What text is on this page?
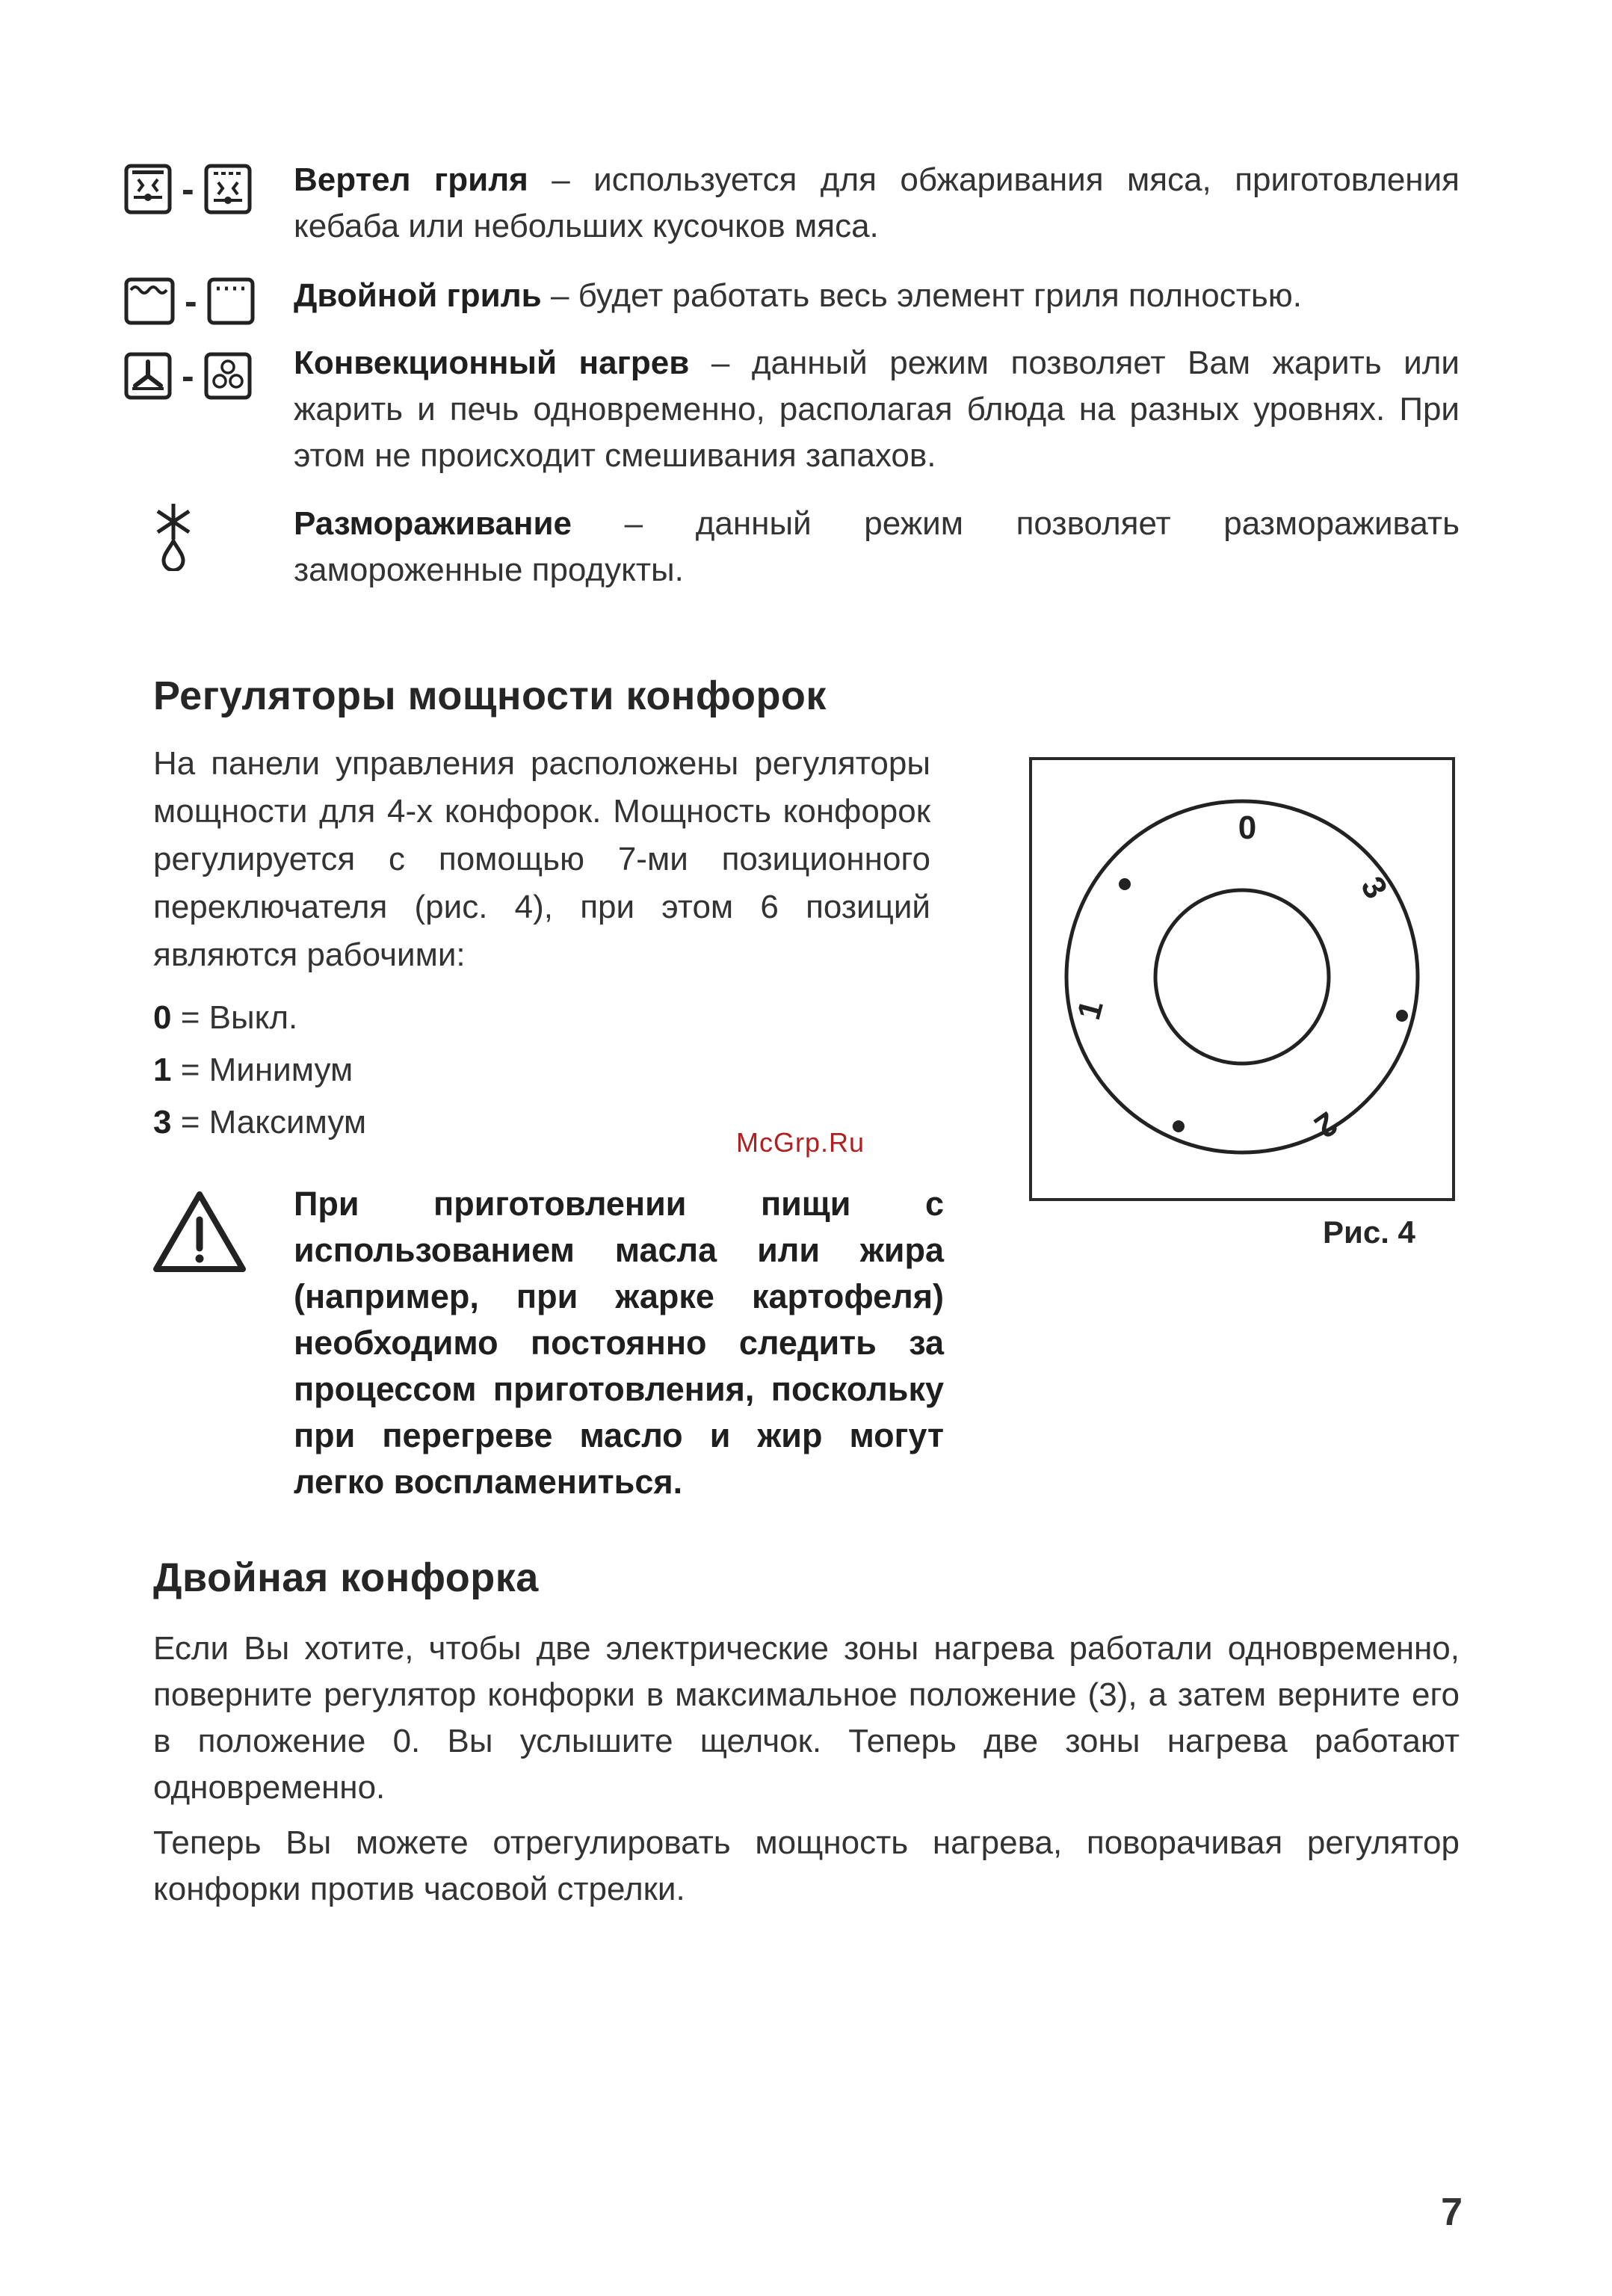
-	Вертел гриля – используется для обжаривания мяса, приготовления кебаба или небольших кусочков мяса.
-	Двойной гриль – будет работать весь элемент гриля полностью.
-	Конвекционный нагрев – данный режим позволяет Вам жарить или жарить и печь одновременно, располагая блюда на разных уровнях. При этом не происходит смешивания запахов.
Размораживание – данный режим позволяет размораживать замороженные продукты.
Регуляторы мощности конфорок
На панели управления расположены регуляторы мощности для 4-х конфорок. Мощность конфорок регулируется с помощью 7-ми позиционного переключателя (рис. 4), при этом 6 позиций являются рабочими:
0 = Выкл.
1 = Минимум
3 = Максимум
При приготовлении пищи с использованием масла или жира (например, при жарке картофеля) необходимо постоянно следить за процессом приготовления, поскольку при перегреве масло и жир могут легко воспламениться.
0
3
2
1
Рис. 4
McGrp.Ru
Двойная конфорка
Если Вы хотите, чтобы две электрические зоны нагрева работали одновременно, поверните регулятор конфорки в максимальное положение (3), а затем верните его в положение 0. Вы услышите щелчок. Теперь две зоны нагрева работают одновременно.
Теперь Вы можете отрегулировать мощность нагрева, поворачивая регулятор конфорки против часовой стрелки.
7
